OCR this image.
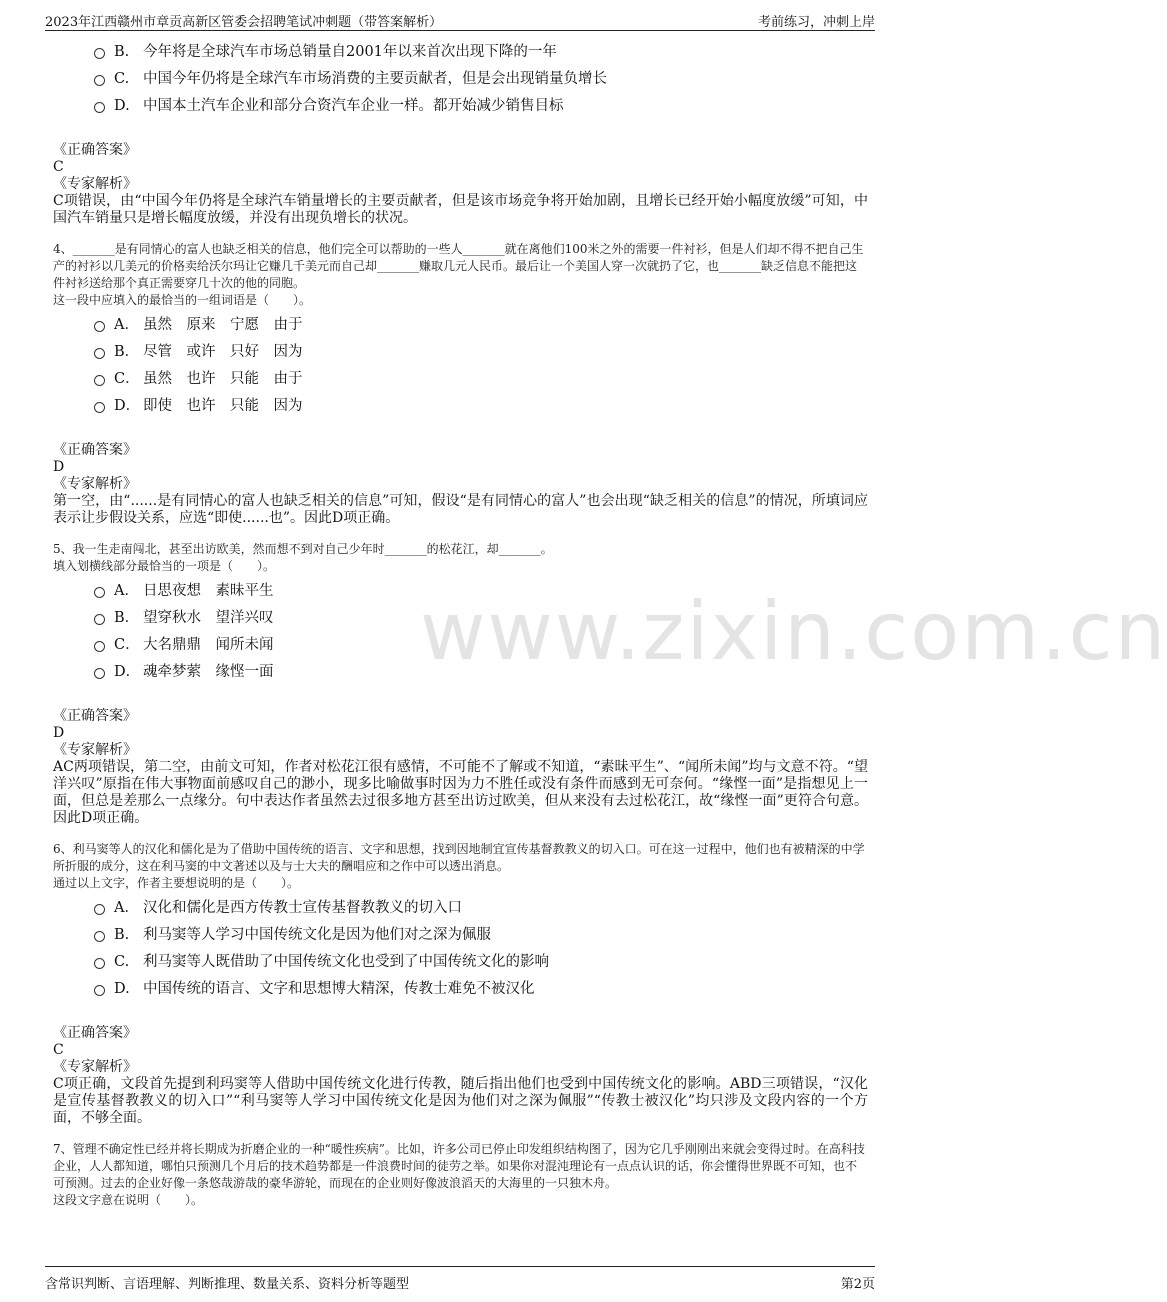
2023年江西赣州市章贡高新区管委会招聘笔试冲刺题（带答案解析）	考前练习，冲刺上岸
www.zixin.com.cn
B. 今年将是全球汽车市场总销量自2001年以来首次出现下降的一年
C. 中国今年仍将是全球汽车市场消费的主要贡献者，但是会出现销量负增长
D. 中国本土汽车企业和部分合资汽车企业一样。都开始减少销售目标
《正确答案》
C
《专家解析》
C项错误，由“中国今年仍将是全球汽车销量增长的主要贡献者，但是该市场竞争将开始加剧，且增长已经开始小幅度放缓”可知，中国汽车销量只是增长幅度放缓，并没有出现负增长的状况。
4、_______是有同情心的富人也缺乏相关的信息，他们完全可以帮助的一些人_______就在离他们100米之外的需要一件衬衫，但是人们却不得不把自己生产的衬衫以几美元的价格卖给沃尔玛让它赚几千美元而自己却_______赚取几元人民币。最后让一个美国人穿一次就扔了它，也_______缺乏信息不能把这件衬衫送给那个真正需要穿几十次的他的同胞。
这一段中应填入的最恰当的一组词语是（　　）。
A． 虽然　原来　宁愿　由于
B． 尽管　或许　只好　因为
C． 虽然　也许　只能　由于
D． 即使　也许　只能　因为
《正确答案》
D
《专家解析》
第一空，由“......是有同情心的富人也缺乏相关的信息”可知，假设“是有同情心的富人”也会出现“缺乏相关的信息”的情况，所填词应表示让步假设关系，应选“即使......也”。因此D项正确。
5、我一生走南闯北，甚至出访欧美，然而想不到对自己少年时_______的松花江，却_______。
填入划横线部分最恰当的一项是（　　）。
A． 日思夜想　素昧平生
B． 望穿秋水　望洋兴叹
C． 大名鼎鼎　闻所未闻
D． 魂牵梦萦　缘悭一面
《正确答案》
D
《专家解析》
AC两项错误，第二空，由前文可知，作者对松花江很有感情，不可能不了解或不知道，“素昧平生”、“闻所未闻”均与文意不符。“望洋兴叹”原指在伟大事物面前感叹自己的渺小，现多比喻做事时因为力不胜任或没有条件而感到无可奈何。“缘悭一面”是指想见上一面，但总是差那么一点缘分。句中表达作者虽然去过很多地方甚至出访过欧美，但从来没有去过松花江，故“缘悭一面”更符合句意。因此D项正确。
6、利马窦等人的汉化和儒化是为了借助中国传统的语言、文字和思想，找到因地制宜宣传基督教教义的切入口。可在这一过程中，他们也有被精深的中学所折服的成分，这在利马窦的中文著述以及与士大夫的酬唱应和之作中可以透出消息。
通过以上文字，作者主要想说明的是（　　）。
A． 汉化和儒化是西方传教士宣传基督教教义的切入口
B. 利马窦等人学习中国传统文化是因为他们对之深为佩服
C. 利马窦等人既借助了中国传统文化也受到了中国传统文化的影响
D. 中国传统的语言、文字和思想博大精深，传教士难免不被汉化
《正确答案》
C
《专家解析》
C项正确，文段首先提到利玛窦等人借助中国传统文化进行传教，随后指出他们也受到中国传统文化的影响。ABD三项错误，“汉化是宣传基督教教义的切入口”“利马窦等人学习中国传统文化是因为他们对之深为佩服”“传教士被汉化”均只涉及文段内容的一个方面，不够全面。
7、管理不确定性已经并将长期成为折磨企业的一种“暖性疾病”。比如，许多公司已停止印发组织结构图了，因为它几乎刚刚出来就会变得过时。在高科技企业，人人都知道，哪怕只预测几个月后的技术趋势都是一件浪费时间的徒劳之举。如果你对混沌理论有一点点认识的话，你会懂得世界既不可知，也不可预测。过去的企业好像一条悠哉游哉的豪华游轮，而现在的企业则好像波浪滔天的大海里的一只独木舟。
这段文字意在说明（　　）。
含常识判断、言语理解、判断推理、数量关系、资料分析等题型	第2页
